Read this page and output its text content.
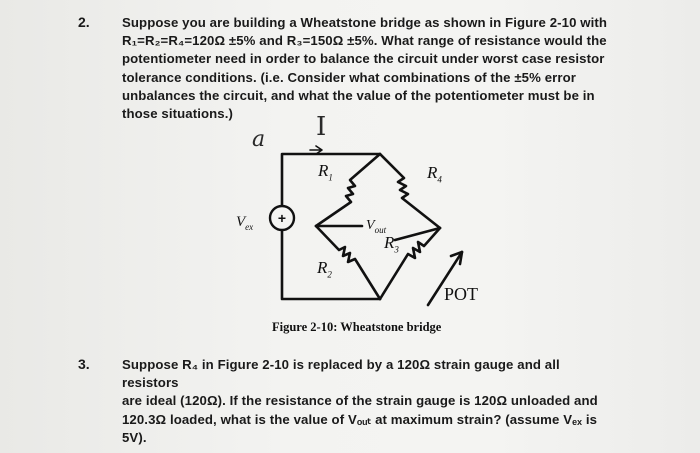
2. Suppose you are building a Wheatstone bridge as shown in Figure 2-10 with
R₁=R₂=R₄=120Ω ±5% and R₃=150Ω ±5%. What range of resistance would the
potentiometer need in order to balance the circuit under worst case resistor
tolerance conditions. (i.e. Consider what combinations of the ±5% error
unbalances the circuit, and what the value of the potentiometer must be in
those situations.)
a I
+
$R_1$	$R_4$
$R_2$
$R_3$
$V_{ex}$	$V_{out}$
POT
Figure 2-10: Wheatstone bridge
3. Suppose R₄ in Figure 2-10 is replaced by a 120Ω strain gauge and all resistors
are ideal (120Ω). If the resistance of the strain gauge is 120Ω unloaded and
120.3Ω loaded, what is the value of Vₒᵤₜ at maximum strain? (assume Vₑₓ is
5V).
